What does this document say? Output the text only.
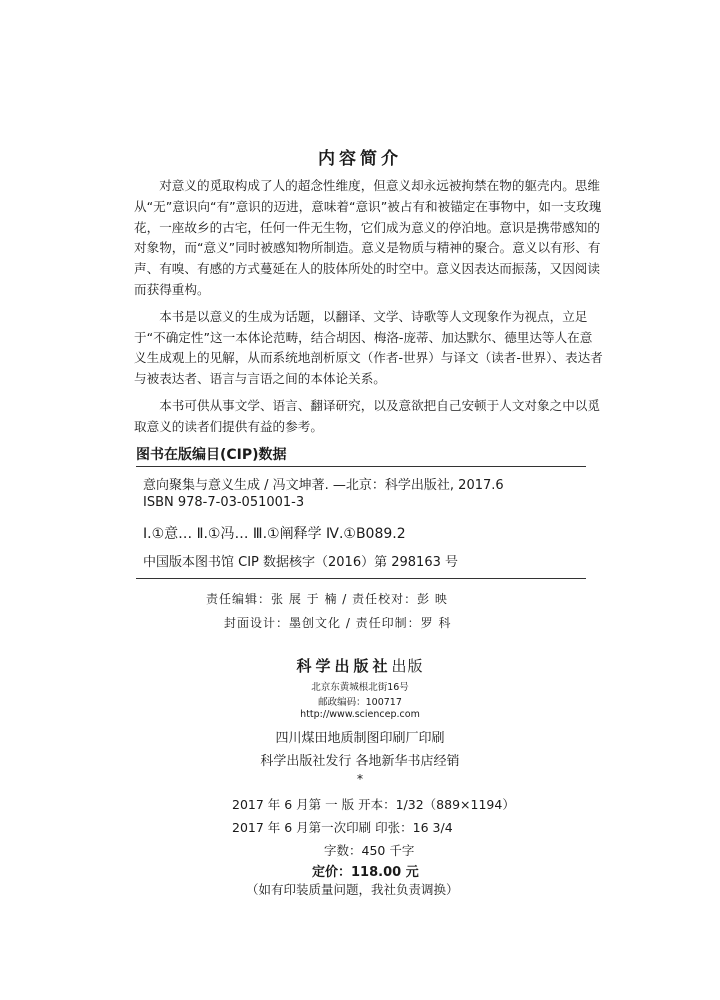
内容简介

对意义的觅取构成了人的超念性维度，但意义却永远被拘禁在物的躯壳内。思维从“无”意识向“有”意识的迈进，意味着“意识”被占有和被锚定在事物中，如一支玫瑰花，一座故乡的古宅，任何一件无生物，它们成为意义的停泊地。意识是携带感知的对象物，而“意义”同时被感知物所制造。意义是物质与精神的聚合。意义以有形、有声、有嗅、有感的方式蔓延在人的肢体所处的时空中。意义因表达而振荡，又因阅读而获得重构。

本书是以意义的生成为话题，以翻译、文学、诗歌等人文现象作为视点，立足于“不确定性”这一本体论范畴，结合胡因、梅洛-庞蒂、加达默尔、德里达等人在意义生成观上的见解，从而系统地剖析原文（作者-世界）与译文（读者-世界）、表达者与被表达者、语言与言语之间的本体论关系。

本书可供从事文学、语言、翻译研究，以及意欲把自己安顿于人文对象之中以觅取意义的读者们提供有益的参考。

图书在版编目(CIP)数据
意向聚集与意义生成 / 冯文坤著. —北京：科学出版社, 2017.6
ISBN 978-7-03-051001-3
Ⅰ.①意… Ⅱ.①冯… Ⅲ.①阐释学 Ⅳ.①B089.2
中国版本图书馆 CIP 数据核字（2016）第 298163 号
责任编辑：张 展 于 楠 / 责任校对：彭 映
封面设计：墨创文化 / 责任印制：罗 科
科学出版社出版
北京东黄城根北街16号
邮政编码：100717
http://www.sciencep.com
四川煤田地质制图印刷厂印刷
科学出版社发行 各地新华书店经销
*
2017 年 6 月第 一 版 开本：1/32（889×1194）
2017 年 6 月第一次印刷 印张：16 3/4
字数：450 千字
定价：118.00 元
（如有印装质量问题，我社负责调换）
